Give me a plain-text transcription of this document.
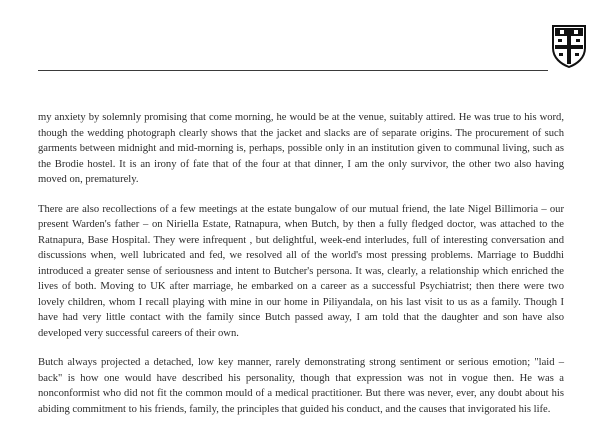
my anxiety by solemnly promising that come morning, he would be at the venue, suitably attired. He was true to his word, though the wedding photograph clearly shows that the jacket and slacks are of separate origins. The procurement of such garments between midnight and mid-morning is, perhaps, possible only in an institution given to communal living, such as the Brodie hostel. It is an irony of fate that of the four at that dinner, I am the only survivor, the other two also having moved on, prematurely.

There are also recollections of a few meetings at the estate bungalow of our mutual friend, the late Nigel Billimoria – our present Warden's father – on Niriella Estate, Ratnapura, when Butch, by then a fully fledged doctor, was attached to the Ratnapura, Base Hospital. They were infrequent , but delightful, week-end interludes, full of interesting conversation and discussions when, well lubricated and fed, we resolved all of the world's most pressing problems. Marriage to Buddhi introduced a greater sense of seriousness and intent to Butcher's persona. It was, clearly, a relationship which enriched the lives of both. Moving to UK after marriage, he embarked on a career as a successful Psychiatrist; then there were two lovely children, whom I recall playing with mine in our home in Piliyandala, on his last visit to us as a family. Though I have had very little contact with the family since Butch passed away, I am told that the daughter and son have also developed very successful careers of their own.

Butch always projected a detached, low key manner, rarely demonstrating strong sentiment or serious emotion; "laid – back" is how one would have described his personality, though that expression was not in vogue then. He was a nonconformist who did not fit the common mould of a medical practitioner. But there was never, ever, any doubt about his abiding commitment to his friends, family, the principles that guided his conduct, and the causes that invigorated his life.
